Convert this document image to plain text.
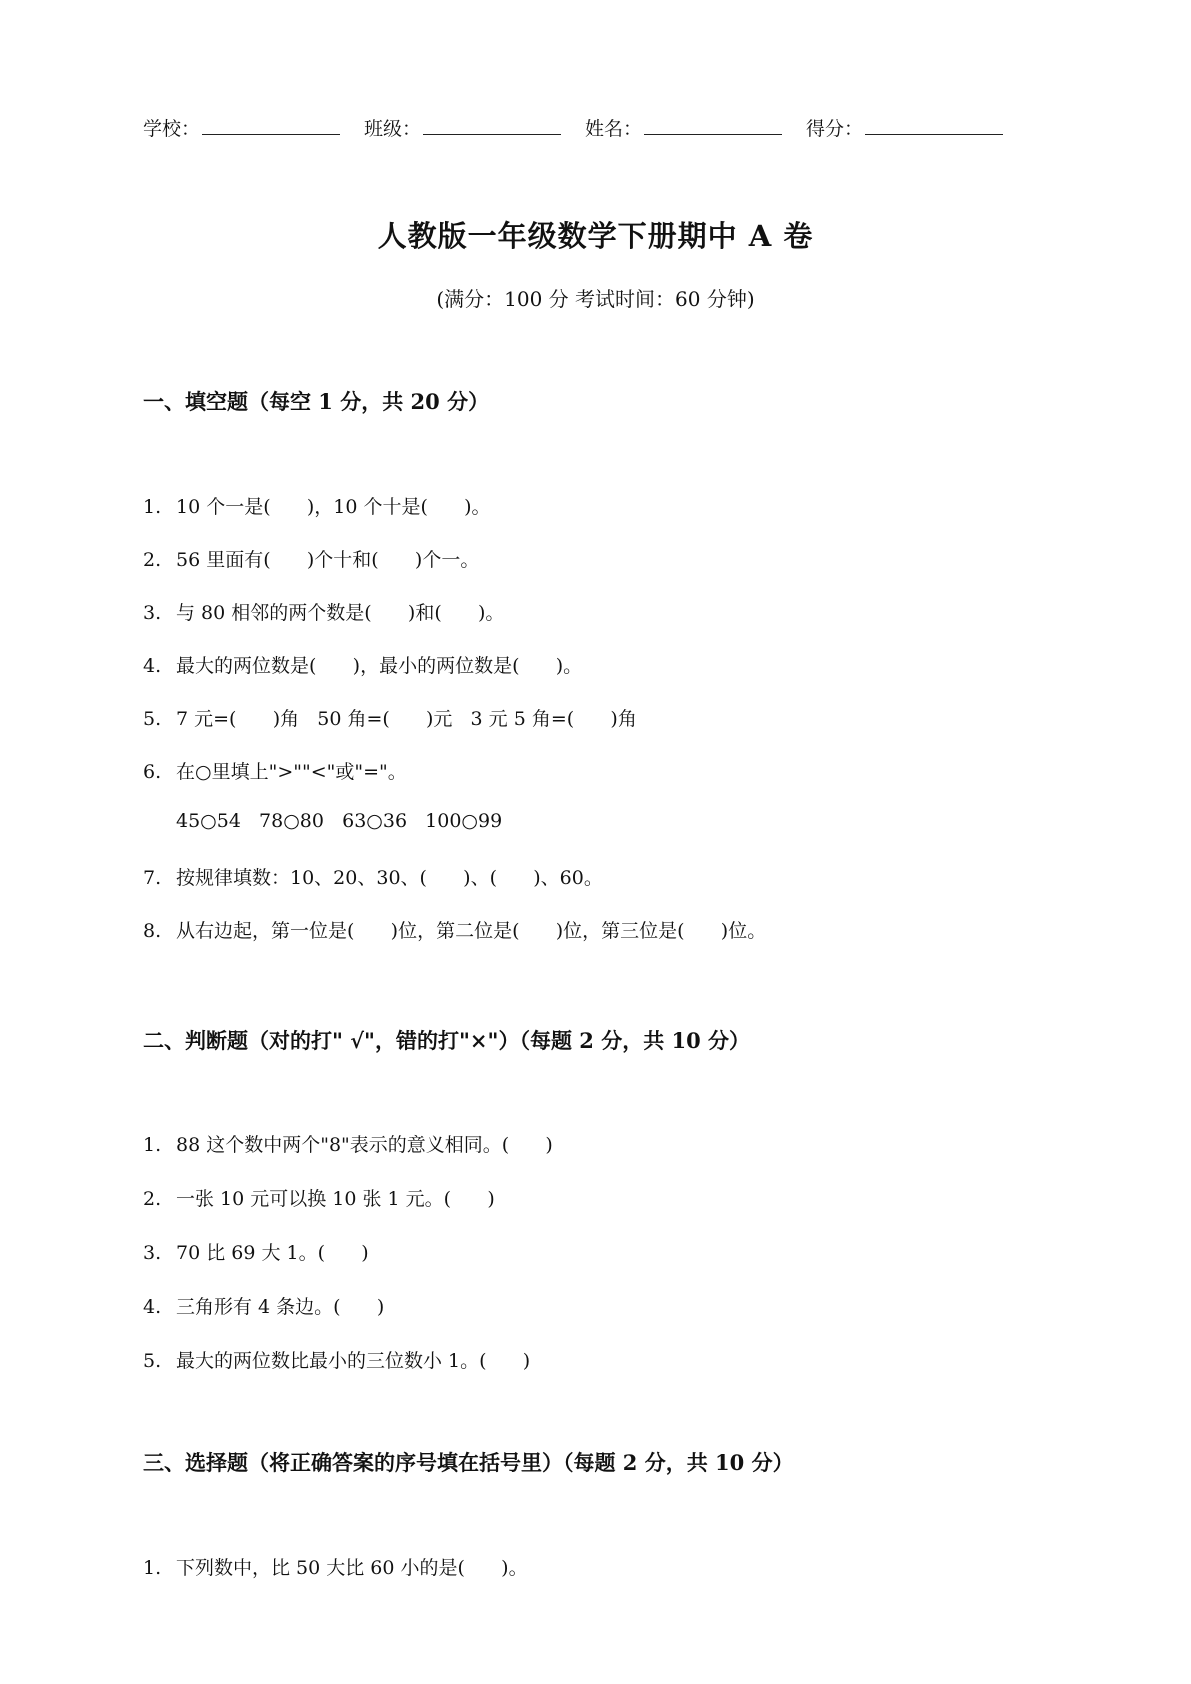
学校：	班级：	姓名：	得分：
人教版一年级数学下册期中 A 卷
(满分：100 分 考试时间：60 分钟)
一、填空题（每空 1 分，共 20 分）
1. 10 个一是(      )，10 个十是(      )。
2. 56 里面有(      )个十和(      )个一。
3. 与 80 相邻的两个数是(      )和(      )。
4. 最大的两位数是(      )，最小的两位数是(      )。
5. 7 元=(      )角   50 角=(      )元   3 元 5 角=(      )角
6. 在○里填上">""<"或"="。
45○54   78○80   63○36   100○99
7. 按规律填数：10、20、30、(      )、(      )、60。
8. 从右边起，第一位是(      )位，第二位是(      )位，第三位是(      )位。
二、判断题（对的打" √"，错的打"×"）（每题 2 分，共 10 分）
1. 88 这个数中两个"8"表示的意义相同。(      )
2. 一张 10 元可以换 10 张 1 元。(      )
3. 70 比 69 大 1。(      )
4. 三角形有 4 条边。(      )
5. 最大的两位数比最小的三位数小 1。(      )
三、选择题（将正确答案的序号填在括号里）（每题 2 分，共 10 分）
1. 下列数中，比 50 大比 60 小的是(      )。
